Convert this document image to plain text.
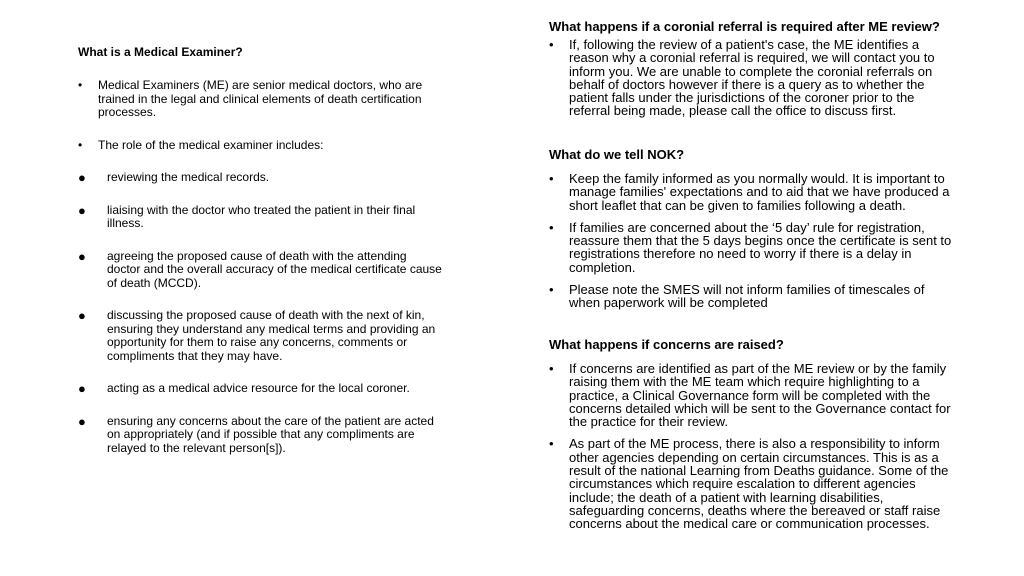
What is a Medical Examiner?
• Medical Examiners (ME) are senior medical doctors, who are trained in the legal and clinical elements of death certification processes.
• The role of the medical examiner includes:
● reviewing the medical records.
● liaising with the doctor who treated the patient in their final illness.
● agreeing the proposed cause of death with the attending doctor and the overall accuracy of the medical certificate cause of death (MCCD).
● discussing the proposed cause of death with the next of kin, ensuring they understand any medical terms and providing an opportunity for them to raise any concerns, comments or compliments that they may have.
● acting as a medical advice resource for the local coroner.
● ensuring any concerns about the care of the patient are acted on appropriately (and if possible that any compliments are relayed to the relevant person[s]).
What happens if a coronial referral is required after ME review?
• If, following the review of a patient's case, the ME identifies a reason why a coronial referral is required, we will contact you to inform you. We are unable to complete the coronial referrals on behalf of doctors however if there is a query as to whether the patient falls under the jurisdictions of the coroner prior to the referral being made, please call the office to discuss first.
What do we tell NOK?
• Keep the family informed as you normally would. It is important to manage families' expectations and to aid that we have produced a short leaflet that can be given to families following a death.
• If families are concerned about the ‘5 day’ rule for registration, reassure them that the 5 days begins once the certificate is sent to registrations therefore no need to worry if there is a delay in completion.
• Please note the SMES will not inform families of timescales of when paperwork will be completed
What happens if concerns are raised?
• If concerns are identified as part of the ME review or by the family raising them with the ME team which require highlighting to a practice, a Clinical Governance form will be completed with the concerns detailed which will be sent to the Governance contact for the practice for their review.
• As part of the ME process, there is also a responsibility to inform other agencies depending on certain circumstances. This is as a result of the national Learning from Deaths guidance. Some of the circumstances which require escalation to different agencies include; the death of a patient with learning disabilities, safeguarding concerns, deaths where the bereaved or staff raise concerns about the medical care or communication processes.
